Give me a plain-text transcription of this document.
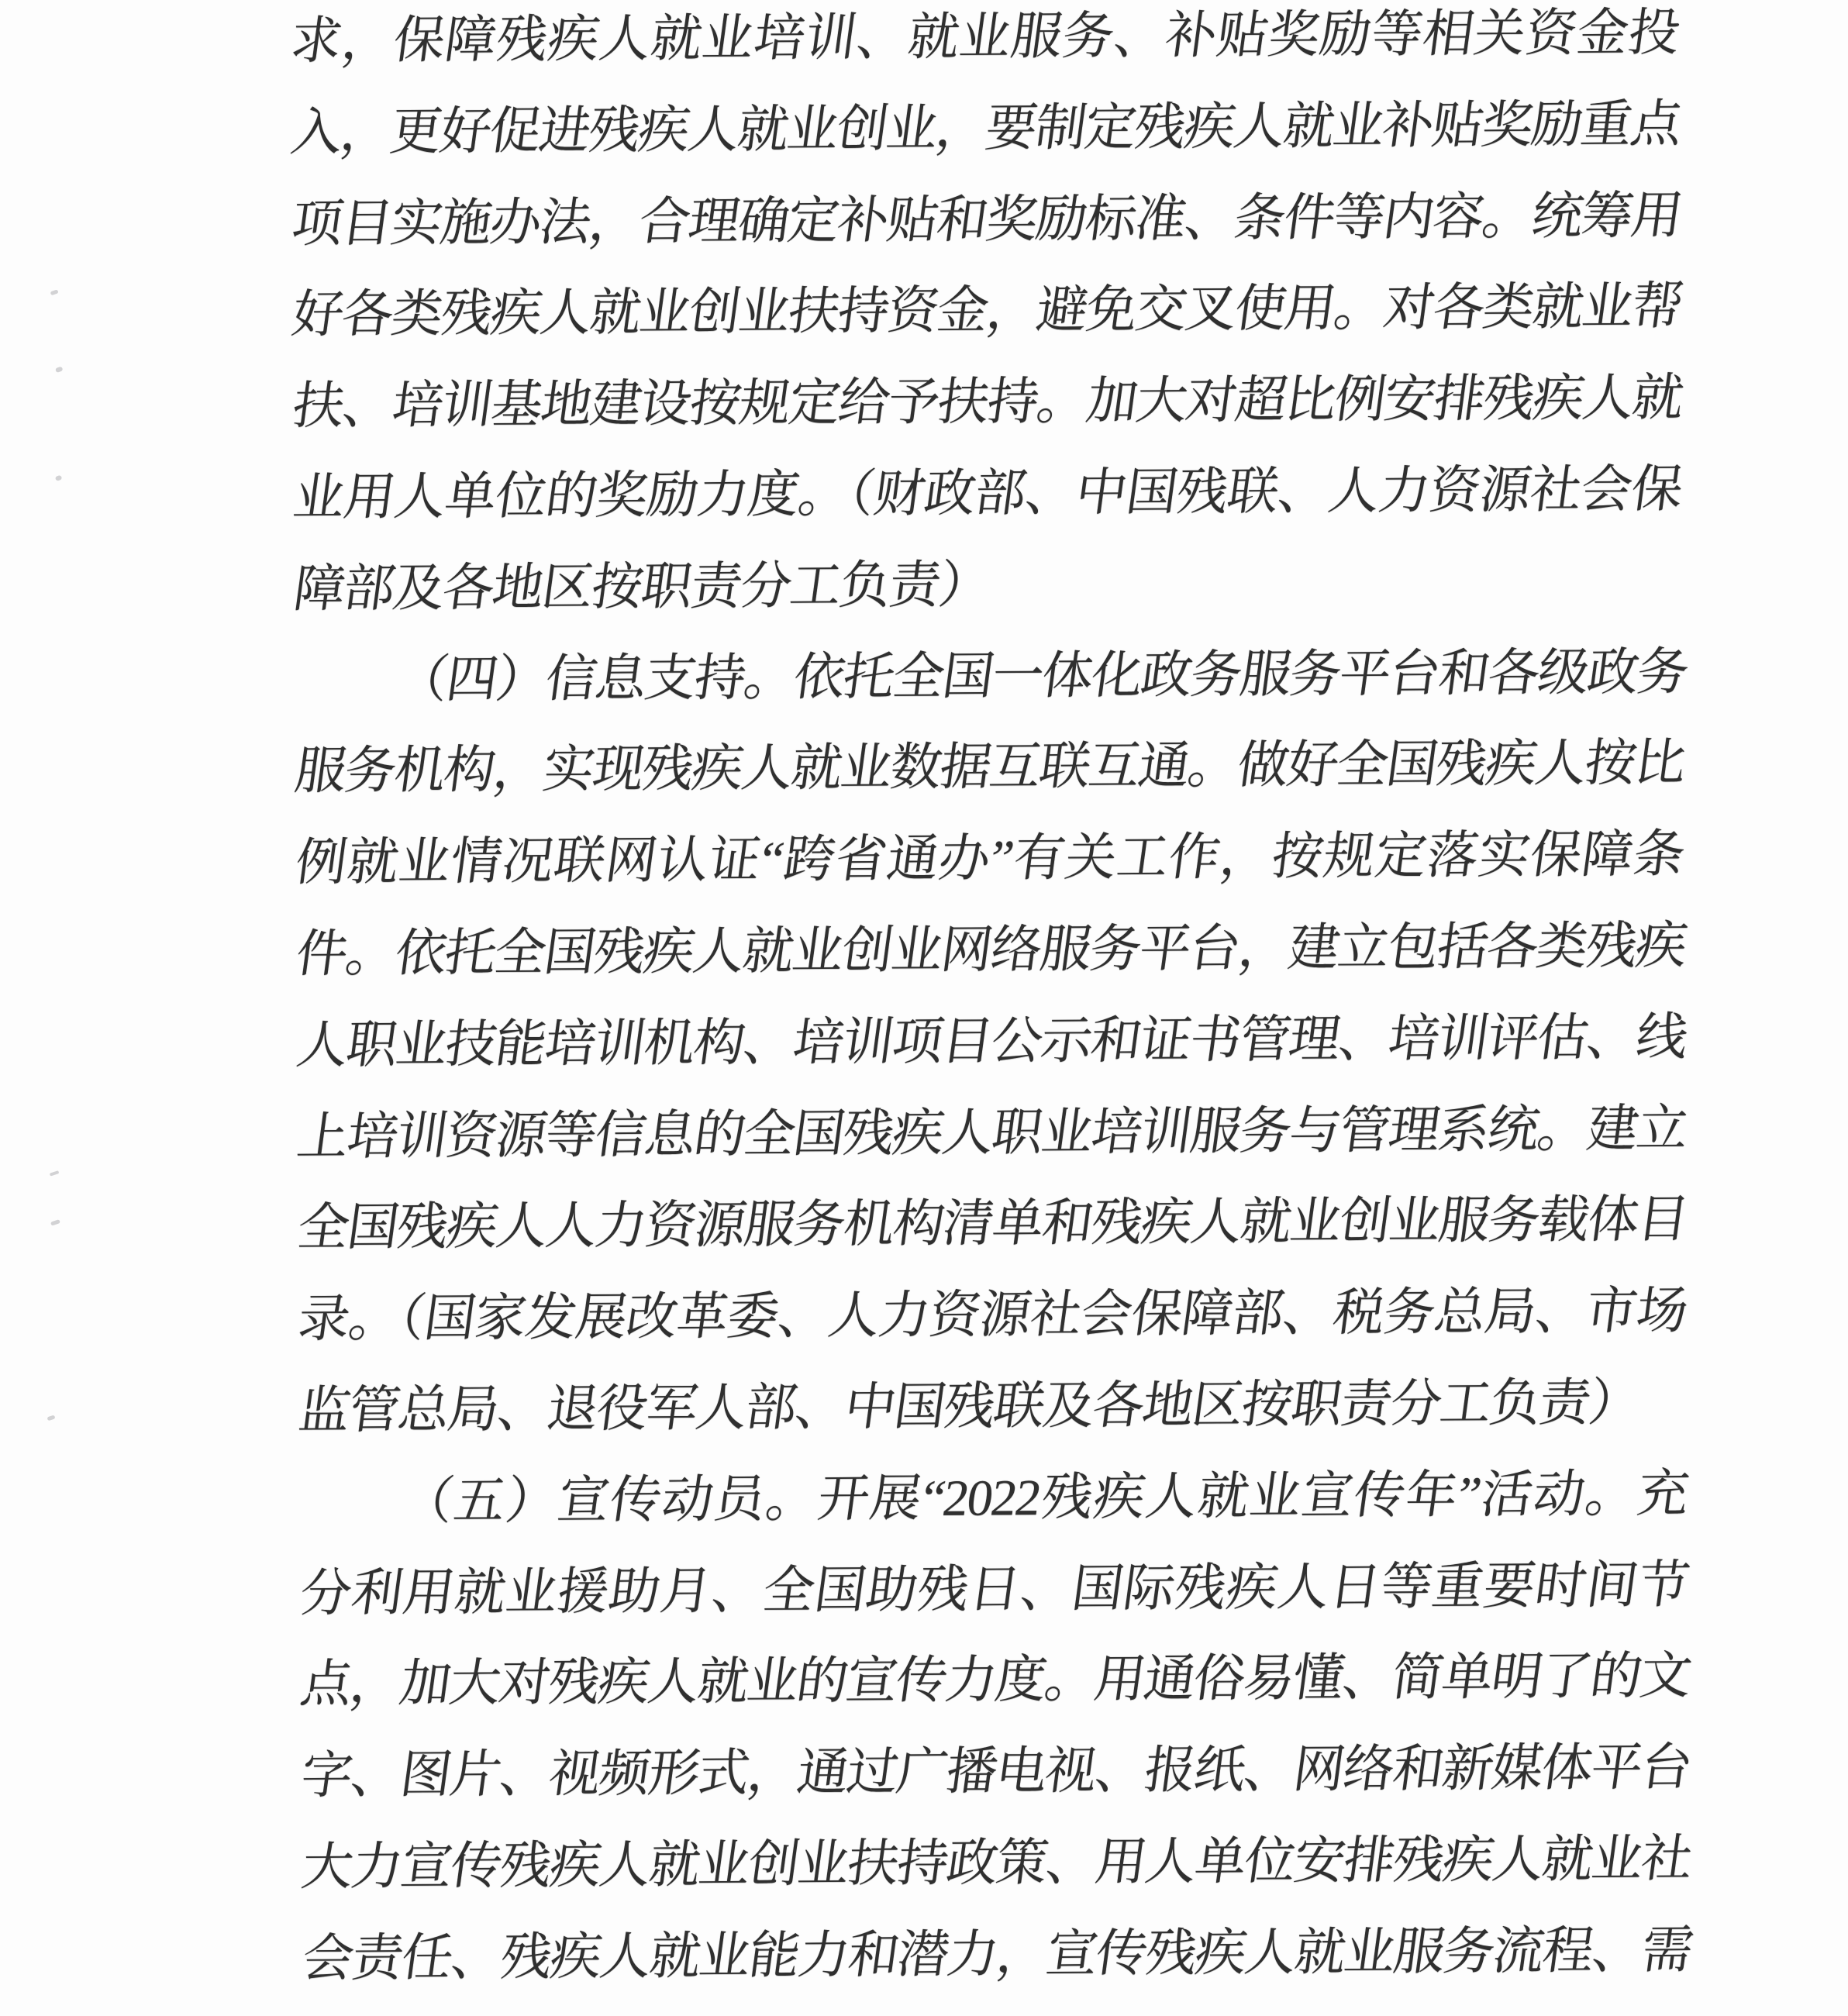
求，保障残疾人就业培训、就业服务、补贴奖励等相关资金投
入，更好促进残疾人就业创业，要制定残疾人就业补贴奖励重点
项目实施办法，合理确定补贴和奖励标准、条件等内容。统筹用
好各类残疾人就业创业扶持资金，避免交叉使用。对各类就业帮
扶、培训基地建设按规定给予扶持。加大对超比例安排残疾人就
业用人单位的奖励力度。（财政部、中国残联、人力资源社会保
障部及各地区按职责分工负责）
（四）信息支持。依托全国一体化政务服务平台和各级政务
服务机构，实现残疾人就业数据互联互通。做好全国残疾人按比
例就业情况联网认证“跨省通办”有关工作，按规定落实保障条
件。依托全国残疾人就业创业网络服务平台，建立包括各类残疾
人职业技能培训机构、培训项目公示和证书管理、培训评估、线
上培训资源等信息的全国残疾人职业培训服务与管理系统。建立
全国残疾人人力资源服务机构清单和残疾人就业创业服务载体目
录。（国家发展改革委、人力资源社会保障部、税务总局、市场
监管总局、退役军人部、中国残联及各地区按职责分工负责）
（五）宣传动员。开展“2022残疾人就业宣传年”活动。充
分利用就业援助月、全国助残日、国际残疾人日等重要时间节
点，加大对残疾人就业的宣传力度。用通俗易懂、简单明了的文
字、图片、视频形式，通过广播电视、报纸、网络和新媒体平台
大力宣传残疾人就业创业扶持政策、用人单位安排残疾人就业社
会责任、残疾人就业能力和潜力，宣传残疾人就业服务流程、需
